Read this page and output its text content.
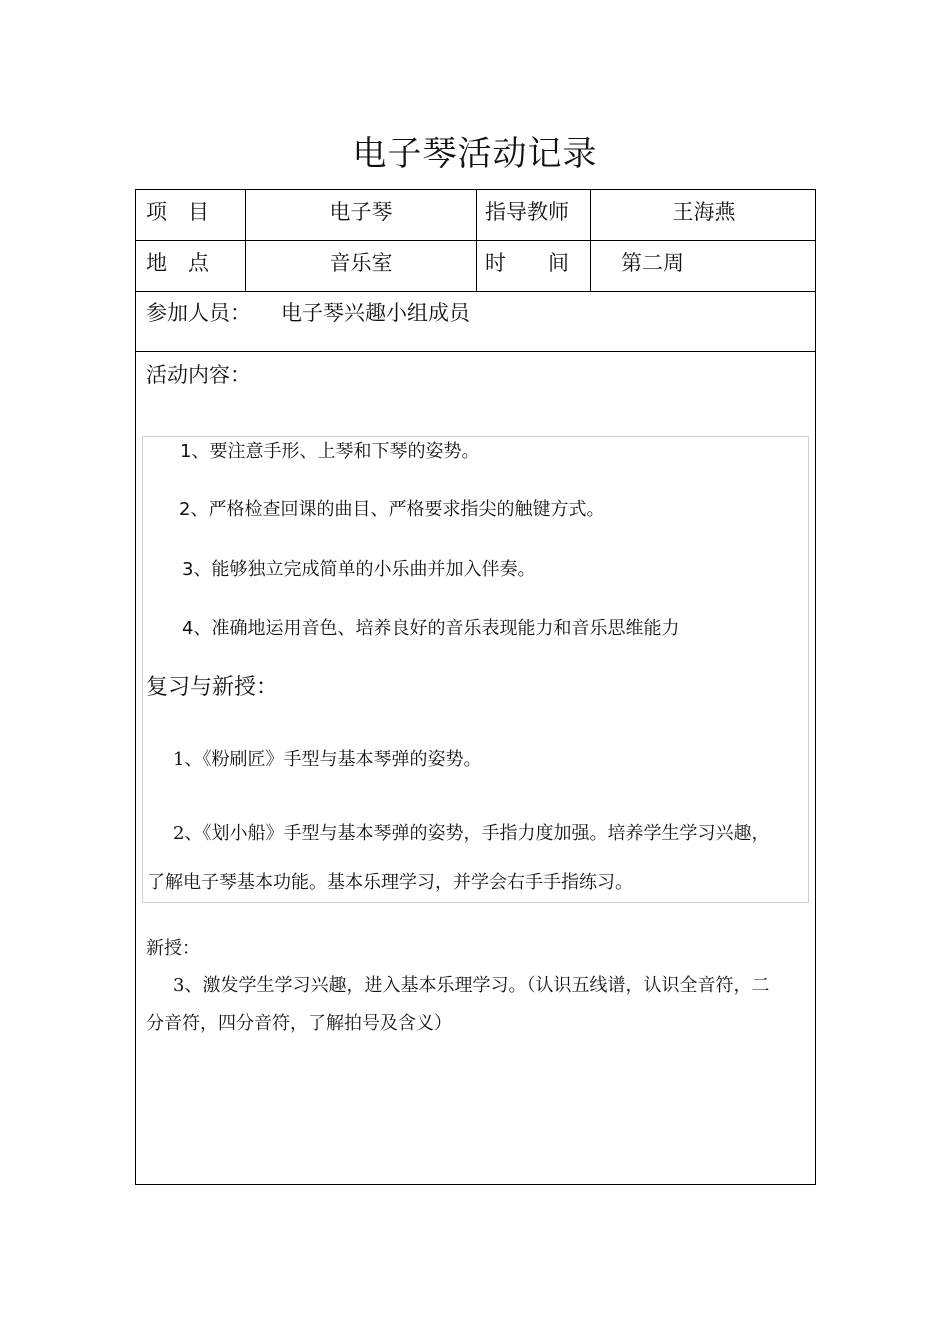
电子琴活动记录
项　目	电子琴	指导教师	王海燕
地　点	音乐室	时　　间 第二周
参加人员： 电子琴兴趣小组成员
活动内容：
1、要注意手形、上琴和下琴的姿势。
2、严格检查回课的曲目、严格要求指尖的触键方式。
3、能够独立完成简单的小乐曲并加入伴奏。
4、准确地运用音色、培养良好的音乐表现能力和音乐思维能力
复习与新授：
1、《粉刷匠》手型与基本琴弹的姿势。
2、《划小船》手型与基本琴弹的姿势，手指力度加强。培养学生学习兴趣，
了解电子琴基本功能。基本乐理学习，并学会右手手指练习。
新授：
3、激发学生学习兴趣，进入基本乐理学习。（认识五线谱，认识全音符，二
分音符，四分音符，了解拍号及含义）
